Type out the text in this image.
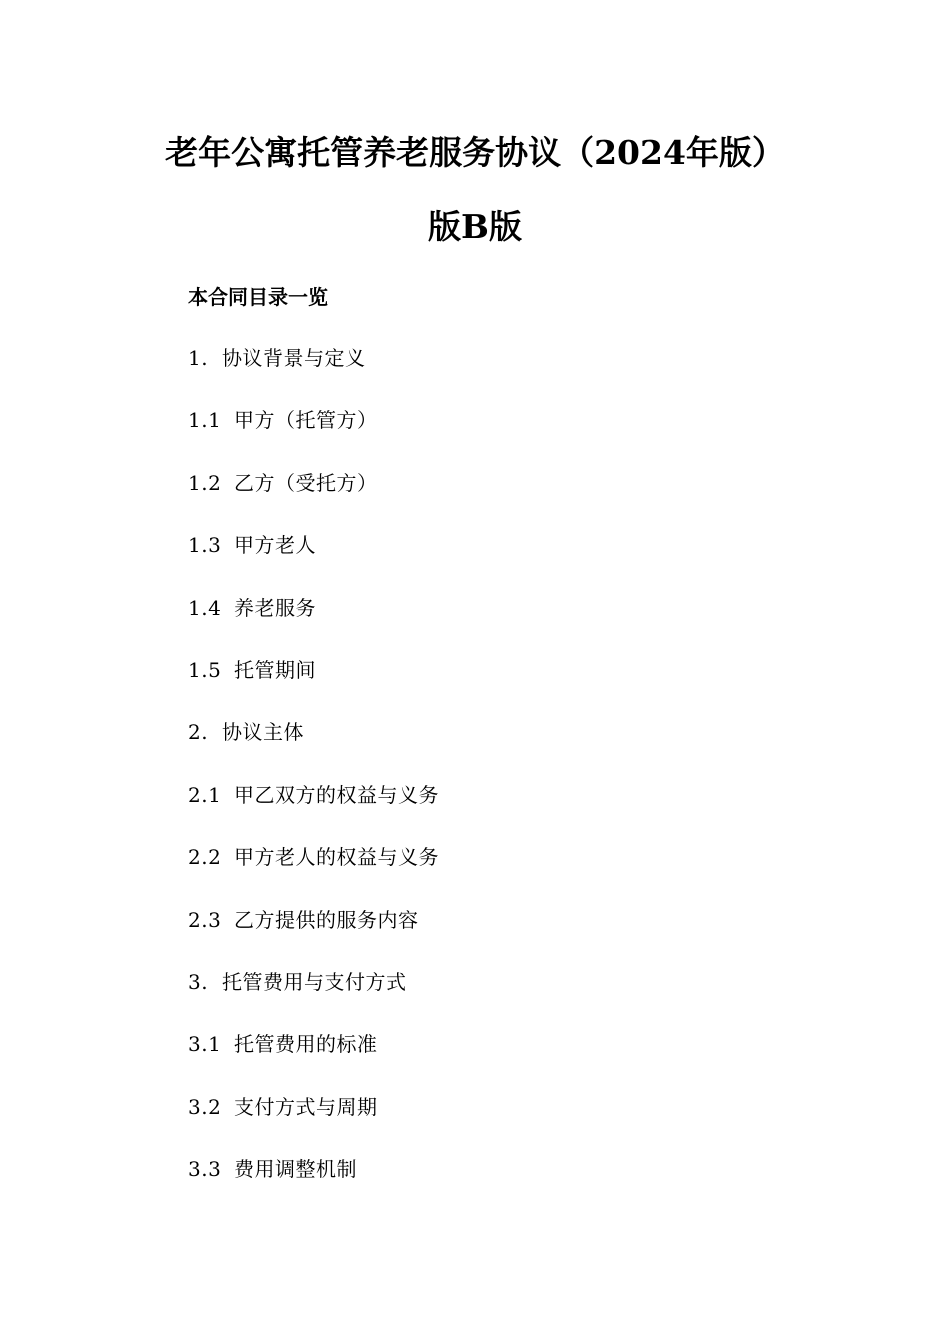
老年公寓托管养老服务协议（2024年版）
版B版
本合同目录一览
1. 协议背景与定义
1.1 甲方（托管方）
1.2 乙方（受托方）
1.3 甲方老人
1.4 养老服务
1.5 托管期间
2. 协议主体
2.1 甲乙双方的权益与义务
2.2 甲方老人的权益与义务
2.3 乙方提供的服务内容
3. 托管费用与支付方式
3.1 托管费用的标准
3.2 支付方式与周期
3.3 费用调整机制
